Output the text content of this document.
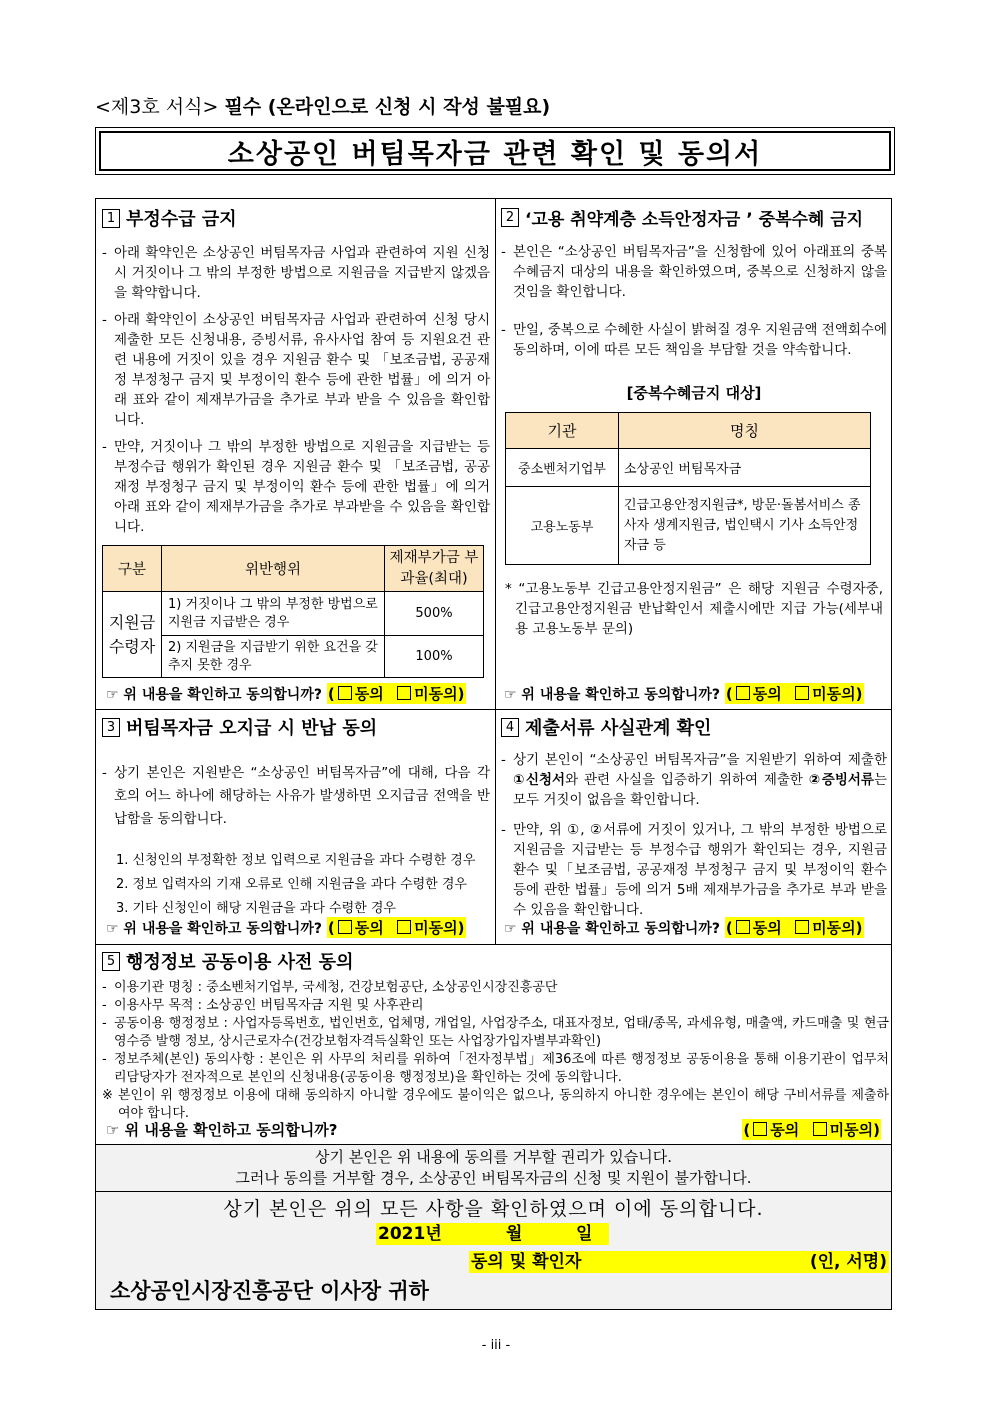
<제3호 서식> 필수 (온라인으로 신청 시 작성 불필요)
소상공인 버팀목자금 관련 확인 및 동의서
1 부정수급 금지
- 아래 확약인은 소상공인 버팀목자금 사업과 관련하여 지원 신청 시 거짓이나 그 밖의 부정한 방법으로 지원금을 지급받지 않겠음을 확약합니다.
- 아래 확약인이 소상공인 버팀목자금 사업과 관련하여 신청 당시 제출한 모든 신청내용, 증빙서류, 유사사업 참여 등 지원요건 관련 내용에 거짓이 있을 경우 지원금 환수 및 「보조금법, 공공재정 부정청구 금지 및 부정이익 환수 등에 관한 법률」에 의거 아래 표와 같이 제재부가금을 추가로 부과 받을 수 있음을 확인합니다.
- 만약, 거짓이나 그 밖의 부정한 방법으로 지원금을 지급받는 등 부정수급 행위가 확인된 경우 지원금 환수 및 「보조금법, 공공재정 부정청구 금지 및 부정이익 환수 등에 관한 법률」에 의거 아래 표와 같이 제재부가금을 추가로 부과받을 수 있음을 확인합니다.
구분	위반행위	제재부가금 부과율(최대)
지원금 수령자	1) 거짓이나 그 밖의 부정한 방법으로 지원금 지급받은 경우	500%
	2) 지원금을 지급받기 위한 요건을 갖추지 못한 경우	100%
☞ 위 내용을 확인하고 동의합니까?
( 동의 미동의)
2 ‘고용 취약계층 소득안정자금 ’ 중복수혜 금지
- 본인은 “소상공인 버팀목자금”을 신청함에 있어 아래표의 중복수혜금지 대상의 내용을 확인하였으며, 중복으로 신청하지 않을 것임을 확인합니다.
- 만일, 중복으로 수혜한 사실이 밝혀질 경우 지원금액 전액회수에 동의하며, 이에 따른 모든 책임을 부담할 것을 약속합니다.
[중복수혜금지 대상]
기관	명칭
중소벤처기업부	소상공인 버팀목자금
고용노동부	긴급고용안정지원금*, 방문·돌봄서비스 종사자 생계지원금, 법인택시 기사 소득안정자금 등
* “고용노동부 긴급고용안정지원금” 은 해당 지원금 수령자중, 긴급고용안정지원금 반납확인서 제출시에만 지급 가능(세부내용 고용노동부 문의)
☞ 위 내용을 확인하고 동의합니까?
( 동의 미동의)
3 버팀목자금 오지급 시 반납 동의
- 상기 본인은 지원받은 “소상공인 버팀목자금”에 대해, 다음 각 호의 어느 하나에 해당하는 사유가 발생하면 오지급금 전액을 반납함을 동의합니다.
1. 신청인의 부정확한 정보 입력으로 지원금을 과다 수령한 경우
2. 정보 입력자의 기재 오류로 인해 지원금을 과다 수령한 경우
3. 기타 신청인이 해당 지원금을 과다 수령한 경우
☞ 위 내용을 확인하고 동의합니까?
( 동의 미동의)
4 제출서류 사실관계 확인
- 상기 본인이 “소상공인 버팀목자금”을 지원받기 위하여 제출한 ①신청서와 관련 사실을 입증하기 위하여 제출한 ②증빙서류는 모두 거짓이 없음을 확인합니다.
- 만약, 위 ①, ②서류에 거짓이 있거나, 그 밖의 부정한 방법으로 지원금을 지급받는 등 부정수급 행위가 확인되는 경우, 지원금 환수 및「보조금법, 공공재정 부정청구 금지 및 부정이익 환수 등에 관한 법률」등에 의거 5배 제재부가금을 추가로 부과 받을 수 있음을 확인합니다.
☞ 위 내용을 확인하고 동의합니까?
( 동의 미동의)
5 행정정보 공동이용 사전 동의
- 이용기관 명칭 : 중소벤처기업부, 국세청, 건강보험공단, 소상공인시장진흥공단
- 이용사무 목적 : 소상공인 버팀목자금 지원 및 사후관리
- 공동이용 행정정보 : 사업자등록번호, 법인번호, 업체명, 개업일, 사업장주소, 대표자정보, 업태/종목, 과세유형, 매출액, 카드매출 및 현금영수증 발행 정보, 상시근로자수(건강보험자격득실확인 또는 사업장가입자별부과확인)
- 정보주체(본인) 동의사항 : 본인은 위 사무의 처리를 위하여「전자정부법」제36조에 따른 행정정보 공동이용을 통해 이용기관이 업무처리담당자가 전자적으로 본인의 신청내용(공동이용 행정정보)을 확인하는 것에 동의합니다.
※ 본인이 위 행정정보 이용에 대해 동의하지 아니할 경우에도 불이익은 없으나, 동의하지 아니한 경우에는 본인이 해당 구비서류를 제출하여야 합니다.
☞ 위 내용을 확인하고 동의합니까?	( 동의 미동의)
상기 본인은 위 내용에 동의를 거부할 권리가 있습니다.
그러나 동의를 거부할 경우, 소상공인 버팀목자금의 신청 및 지원이 불가합니다.
상기 본인은 위의 모든 사항을 확인하였으며 이에 동의합니다.
2021년	월	일
동의 및 확인자	(인, 서명)
소상공인시장진흥공단 이사장 귀하
- iii -
